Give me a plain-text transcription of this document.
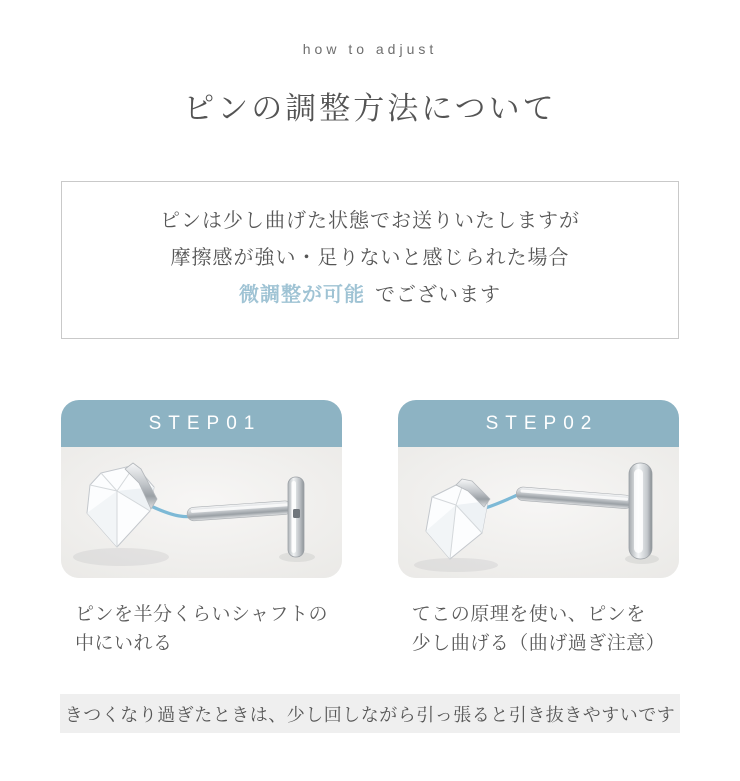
how to adjust
ピンの調整方法について
ピンは少し曲げた状態でお送りいたしますが
摩擦感が強い・足りないと感じられた場合
微調整が可能 でございます
STEP01	STEP02
ピンを半分くらいシャフトの
中にいれる
てこの原理を使い、ピンを
少し曲げる（曲げ過ぎ注意）
きつくなり過ぎたときは、少し回しながら引っ張ると引き抜きやすいです
